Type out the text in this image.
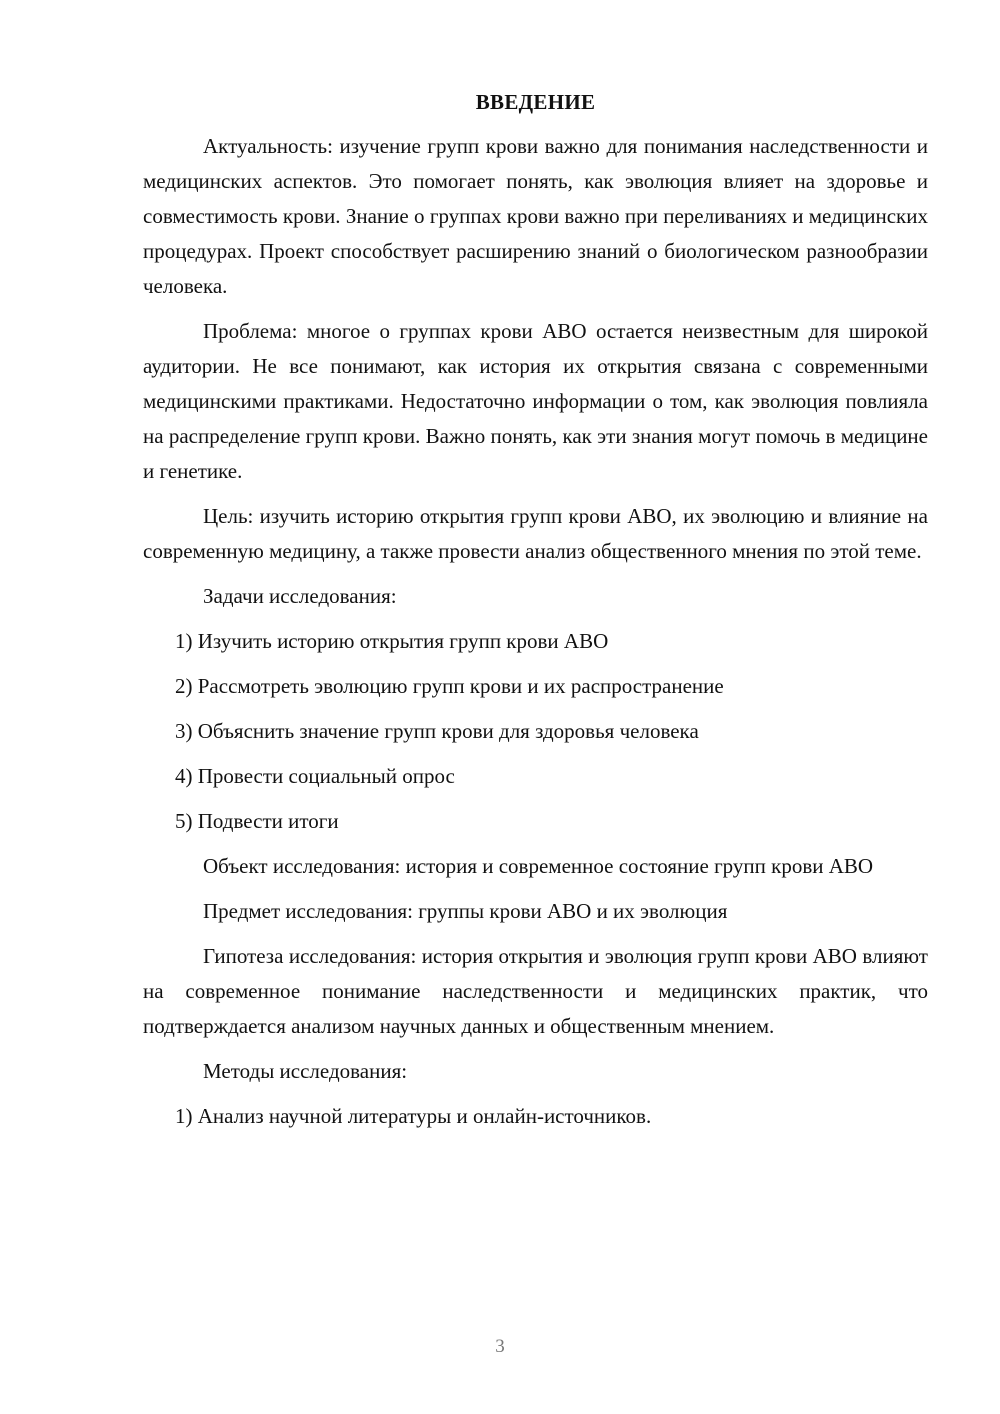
ВВЕДЕНИЕ

Актуальность: изучение групп крови важно для понимания наследственности и медицинских аспектов. Это помогает понять, как эволюция влияет на здоровье и совместимость крови. Знание о группах крови важно при переливаниях и медицинских процедурах. Проект способствует расширению знаний о биологическом разнообразии человека.

Проблема: многое о группах крови АВО остается неизвестным для широкой аудитории. Не все понимают, как история их открытия связана с современными медицинскими практиками. Недостаточно информации о том, как эволюция повлияла на распределение групп крови. Важно понять, как эти знания могут помочь в медицине и генетике.

Цель: изучить историю открытия групп крови АВО, их эволюцию и влияние на современную медицину, а также провести анализ общественного мнения по этой теме.

Задачи исследования:

1) Изучить историю открытия групп крови АВО
2) Рассмотреть эволюцию групп крови и их распространение
3) Объяснить значение групп крови для здоровья человека
4) Провести социальный опрос
5) Подвести итоги

Объект исследования: история и современное состояние групп крови АВО

Предмет исследования: группы крови АВО и их эволюция

Гипотеза исследования: история открытия и эволюция групп крови АВО влияют на современное понимание наследственности и медицинских практик, что подтверждается анализом научных данных и общественным мнением.

Методы исследования:

1) Анализ научной литературы и онлайн-источников.
3
